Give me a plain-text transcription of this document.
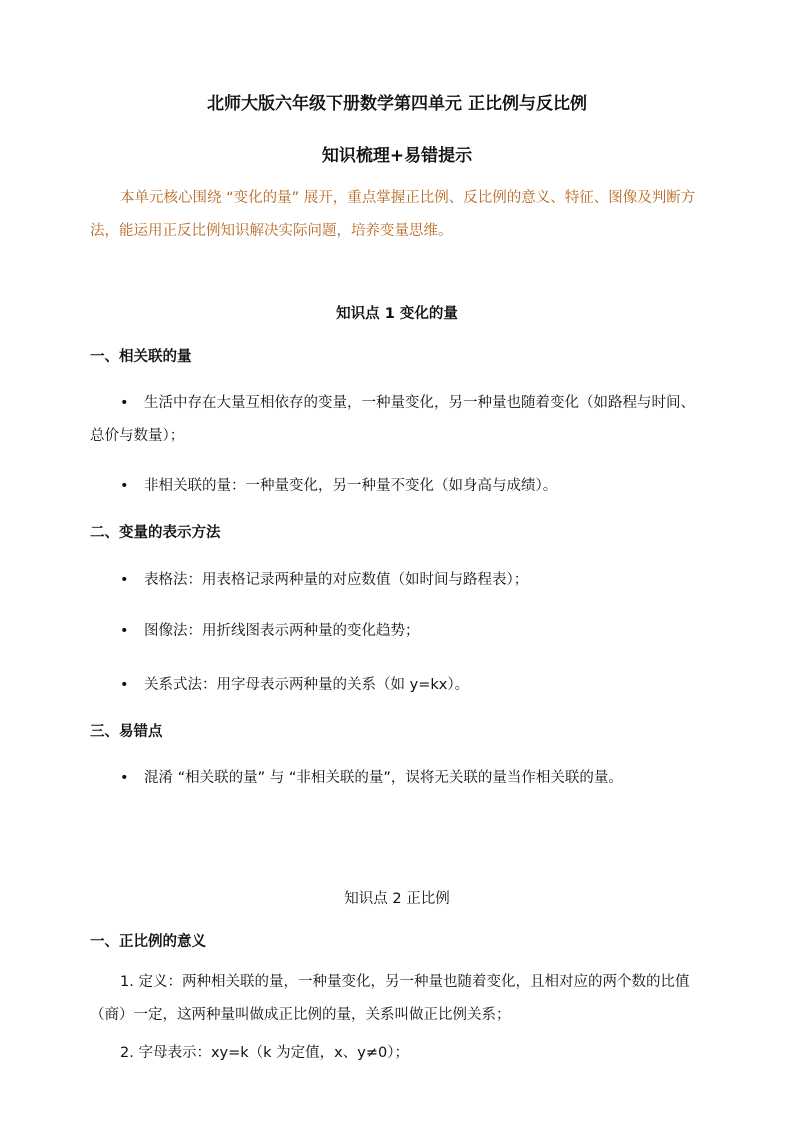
北师大版六年级下册数学第四单元 正比例与反比例
知识梳理+易错提示
本单元核心围绕 “变化的量” 展开，重点掌握正比例、反比例的意义、特征、图像及判断方法，能运用正反比例知识解决实际问题，培养变量思维。
知识点 1 变化的量
一、相关联的量
• 生活中存在大量互相依存的变量，一种量变化，另一种量也随着变化（如路程与时间、总价与数量）；
• 非相关联的量：一种量变化，另一种量不变化（如身高与成绩）。
二、变量的表示方法
• 表格法：用表格记录两种量的对应数值（如时间与路程表）；
• 图像法：用折线图表示两种量的变化趋势；
• 关系式法：用字母表示两种量的关系（如 y=kx）。
三、易错点
• 混淆 “相关联的量” 与 “非相关联的量”，误将无关联的量当作相关联的量。
知识点 2 正比例
一、正比例的意义
1. 定义：两种相关联的量，一种量变化，另一种量也随着变化，且相对应的两个数的比值（商）一定，这两种量叫做成正比例的量，关系叫做正比例关系；
2. 字母表示：xy=k（k 为定值，x、y≠0）；
